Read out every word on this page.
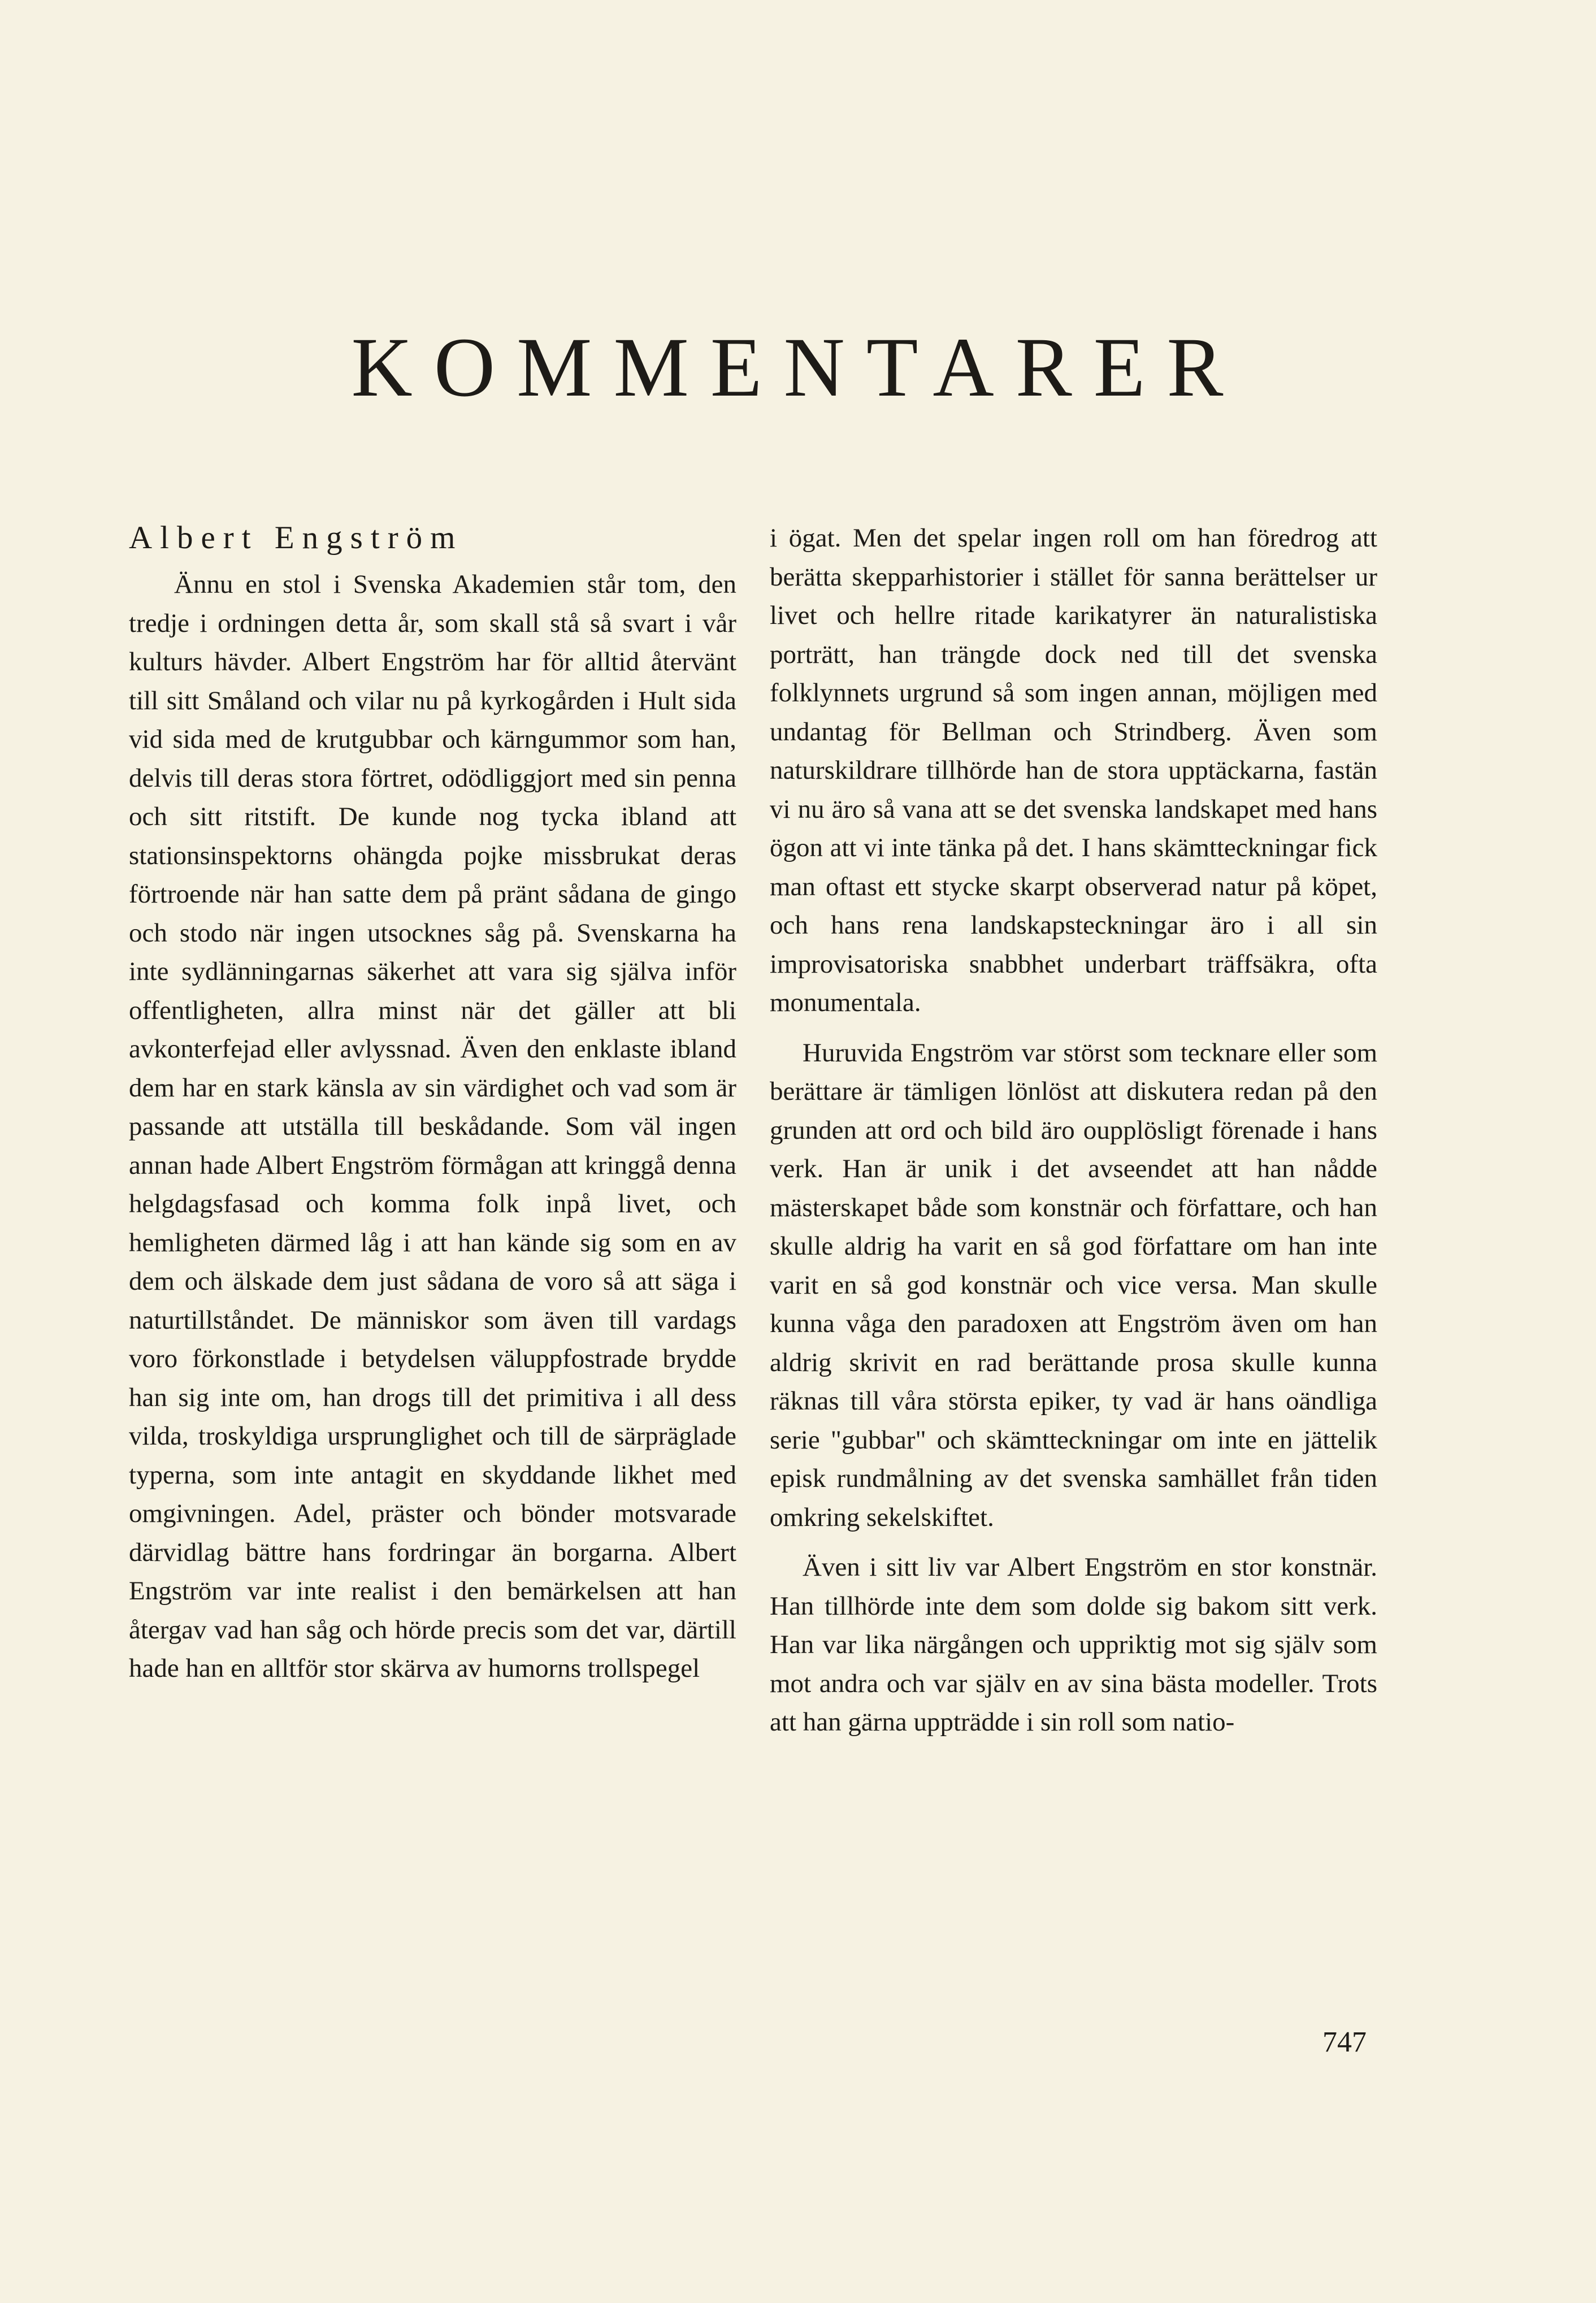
KOMMENTARER
Albert Engström

Ännu en stol i Svenska Akademien står tom, den tredje i ordningen detta år, som skall stå så svart i vår kulturs hävder. Albert Engström har för alltid återvänt till sitt Småland och vilar nu på kyrkogården i Hult sida vid sida med de krutgubbar och kärngummor som han, delvis till deras stora förtret, odödliggjort med sin penna och sitt ritstift. De kunde nog tycka ibland att stationsinspektorns ohängda pojke missbrukat deras förtroende när han satte dem på pränt sådana de gingo och stodo när ingen utsocknes såg på. Svenskarna ha inte sydlänningarnas säkerhet att vara sig själva inför offentligheten, allra minst när det gäller att bli avkonterfejad eller avlyssnad. Även den enklaste ibland dem har en stark känsla av sin värdighet och vad som är passande att utställa till beskådande. Som väl ingen annan hade Albert Engström förmågan att kringgå denna helgdagsfasad och komma folk inpå livet, och hemligheten därmed låg i att han kände sig som en av dem och älskade dem just sådana de voro så att säga i naturtillståndet. De människor som även till vardags voro förkonstlade i betydelsen väluppfostrade brydde han sig inte om, han drogs till det primitiva i all dess vilda, troskyldiga ursprunglighet och till de särpräglade typerna, som inte antagit en skyddande likhet med omgivningen. Adel, präster och bönder motsvarade därvidlag bättre hans fordringar än borgarna. Albert Engström var inte realist i den bemärkelsen att han återgav vad han såg och hörde precis som det var, därtill hade han en alltför stor skärva av humorns trollspegel

i ögat. Men det spelar ingen roll om han föredrog att berätta skepparhistorier i stället för sanna berättelser ur livet och hellre ritade karikatyrer än naturalistiska porträtt, han trängde dock ned till det svenska folklynnets urgrund så som ingen annan, möjligen med undantag för Bellman och Strindberg. Även som naturskildrare tillhörde han de stora upptäckarna, fastän vi nu äro så vana att se det svenska landskapet med hans ögon att vi inte tänka på det. I hans skämtteckningar fick man oftast ett stycke skarpt observerad natur på köpet, och hans rena landskapsteckningar äro i all sin improvisatoriska snabbhet underbart träffsäkra, ofta monumentala.

Huruvida Engström var störst som tecknare eller som berättare är tämligen lönlöst att diskutera redan på den grunden att ord och bild äro oupplösligt förenade i hans verk. Han är unik i det avseendet att han nådde mästerskapet både som konstnär och författare, och han skulle aldrig ha varit en så god författare om han inte varit en så god konstnär och vice versa. Man skulle kunna våga den paradoxen att Engström även om han aldrig skrivit en rad berättande prosa skulle kunna räknas till våra största epiker, ty vad är hans oändliga serie "gubbar" och skämtteckningar om inte en jättelik episk rundmålning av det svenska samhället från tiden omkring sekelskiftet.

Även i sitt liv var Albert Engström en stor konstnär. Han tillhörde inte dem som dolde sig bakom sitt verk. Han var lika närgången och uppriktig mot sig själv som mot andra och var själv en av sina bästa modeller. Trots att han gärna uppträdde i sin roll som natio-

747
